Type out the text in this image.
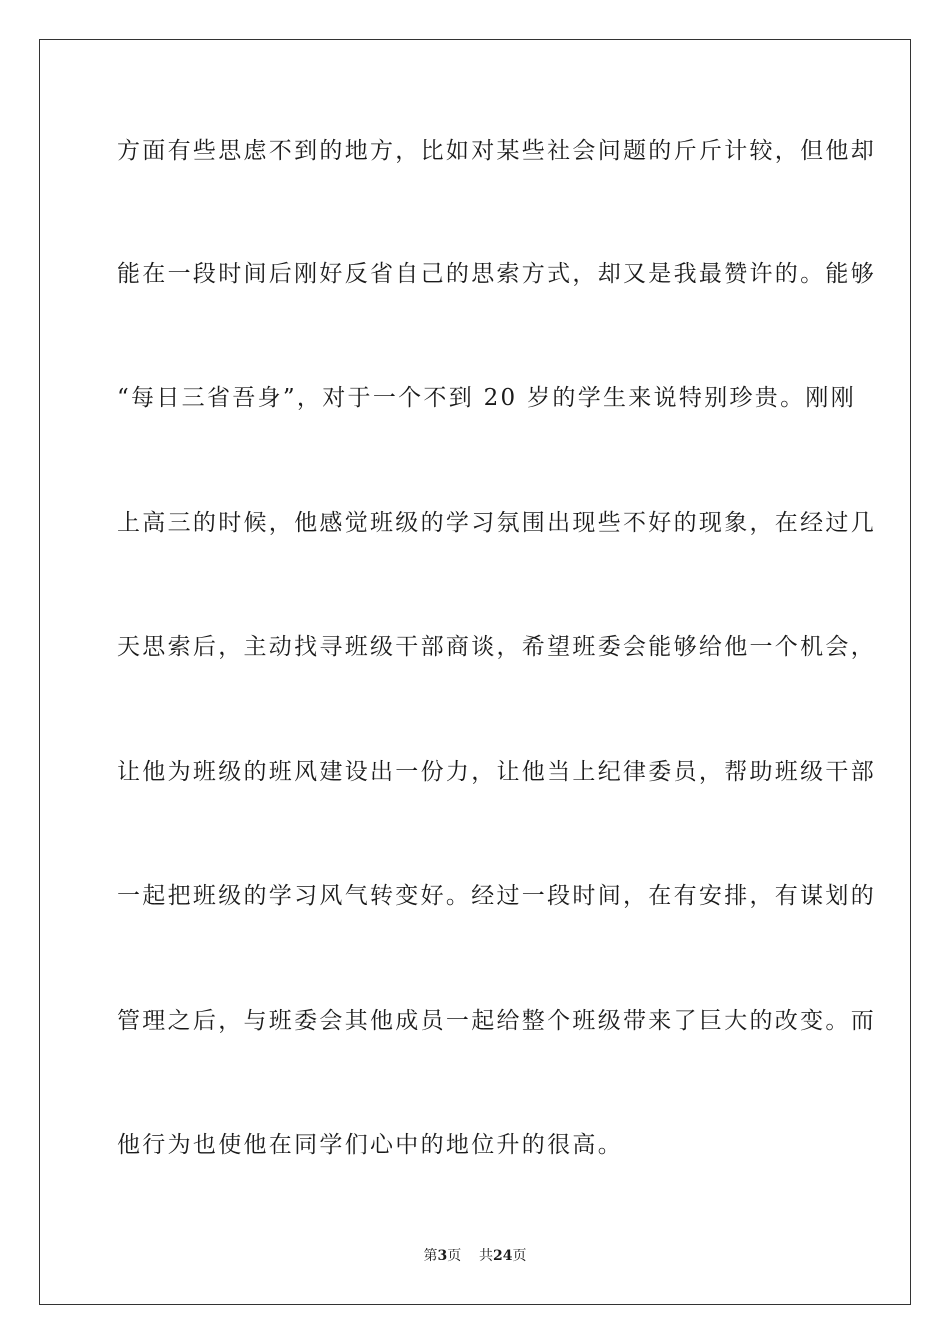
方面有些思虑不到的地方，比如对某些社会问题的斤斤计较，但他却
能在一段时间后刚好反省自己的思索方式，却又是我最赞许的。能够
“每日三省吾身”，对于一个不到 20 岁的学生来说特别珍贵。刚刚
上高三的时候，他感觉班级的学习氛围出现些不好的现象，在经过几
天思索后，主动找寻班级干部商谈，希望班委会能够给他一个机会，
让他为班级的班风建设出一份力，让他当上纪律委员，帮助班级干部
一起把班级的学习风气转变好。经过一段时间，在有安排，有谋划的
管理之后，与班委会其他成员一起给整个班级带来了巨大的改变。而
他行为也使他在同学们心中的地位升的很高。
第3页 共24页
